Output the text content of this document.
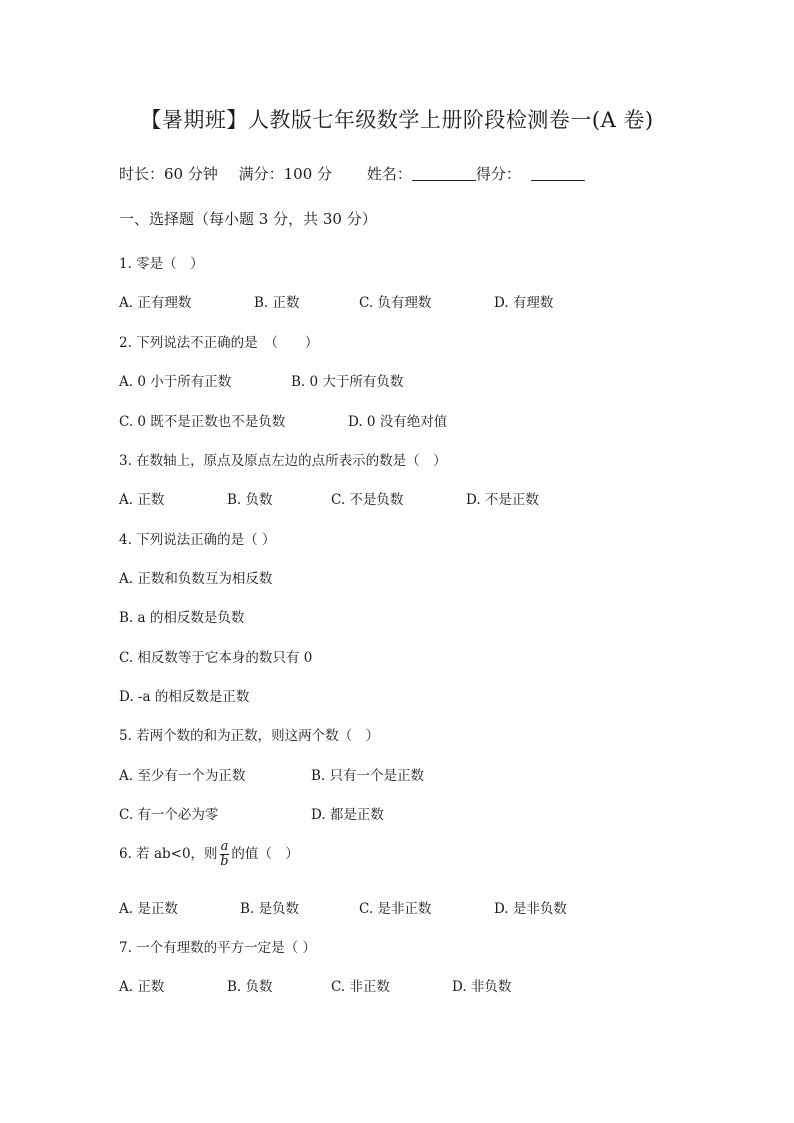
【暑期班】人教版七年级数学上册阶段检测卷一(A 卷)
时长：60 分钟 满分：100 分 姓名：	得分：
一、选择题（每小题 3 分，共 30 分）
1. 零是（　）
A. 正有理数	B. 正数	C. 负有理数	D. 有理数
2. 下列说法不正确的是　（　　）
A. 0 小于所有正数	B. 0 大于所有负数
C. 0 既不是正数也不是负数	D. 0 没有绝对值
3. 在数轴上，原点及原点左边的点所表示的数是（　）
A. 正数	B. 负数	C. 不是负数	D. 不是正数
4. 下列说法正确的是（ ）
A. 正数和负数互为相反数
B. a 的相反数是负数
C. 相反数等于它本身的数只有 0
D. -a 的相反数是正数
5. 若两个数的和为正数，则这两个数（　）
A. 至少有一个为正数	B. 只有一个是正数
C. 有一个必为零	D. 都是正数
6. 若 ab<0，则 $\frac{a}{b}$ 的值（　）
A. 是正数	B. 是负数	C. 是非正数	D. 是非负数
7. 一个有理数的平方一定是（ ）
A. 正数	B. 负数	C. 非正数	D. 非负数
